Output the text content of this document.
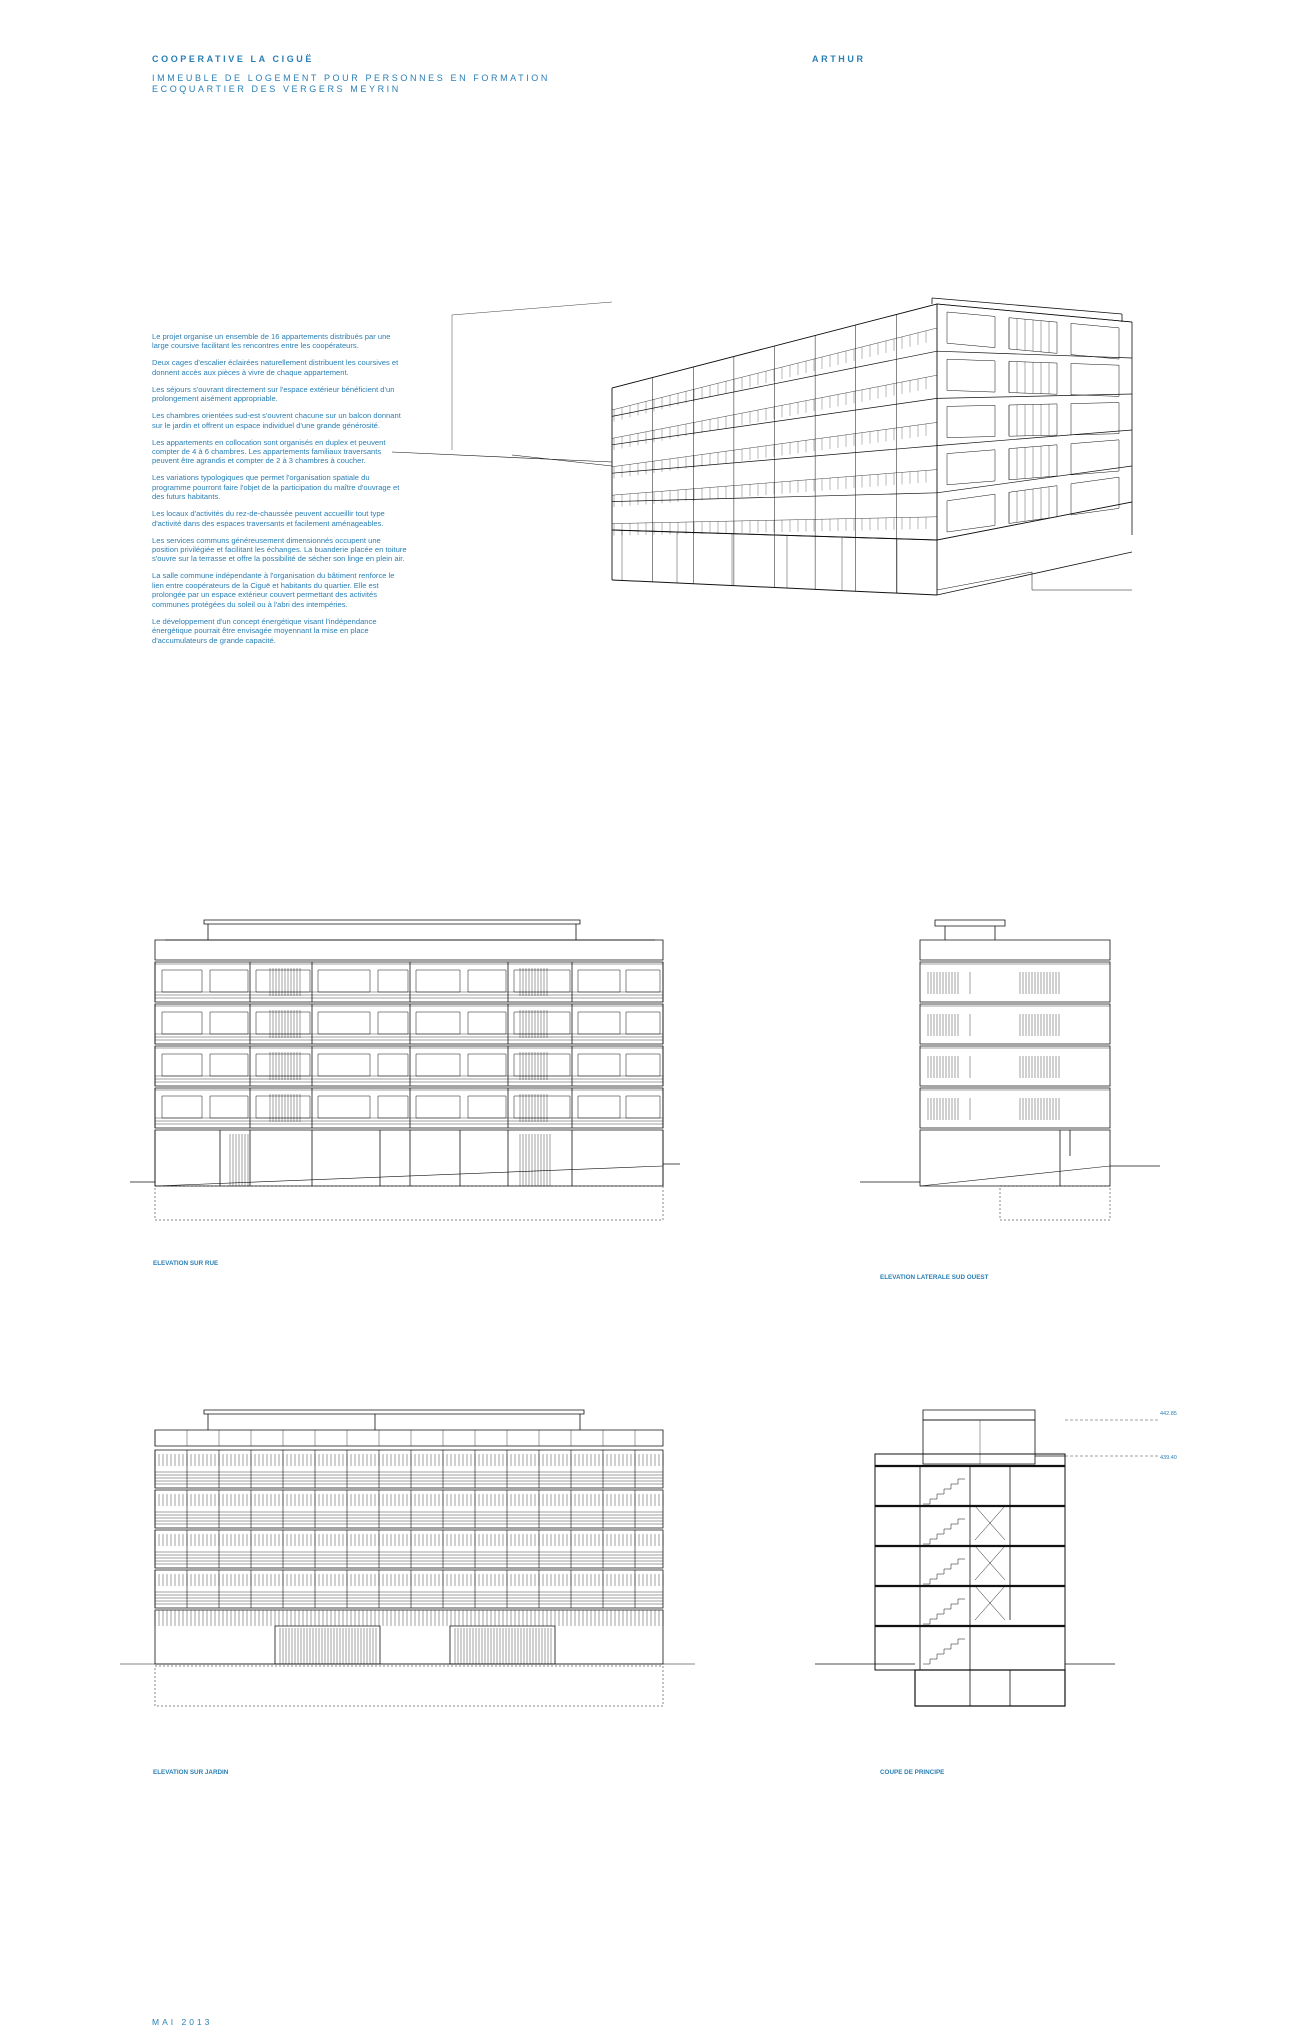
COOPERATIVE LA CIGUË
IMMEUBLE DE LOGEMENT POUR PERSONNES EN FORMATION
ECOQUARTIER DES VERGERS MEYRIN
ARTHUR

Le projet organise un ensemble de 16 appartements distribués par une large coursive facilitant les rencontres entre les coopérateurs.

Deux cages d'escalier éclairées naturellement distribuent les coursives et donnent accès aux pièces à vivre de chaque appartement.

Les séjours s'ouvrant directement sur l'espace extérieur bénéficient d'un prolongement aisément appropriable.

Les chambres orientées sud-est s'ouvrent chacune sur un balcon donnant sur le jardin et offrent un espace individuel d'une grande générosité.

Les appartements en collocation sont organisés en duplex et peuvent compter de 4 à 6 chambres. Les appartements familiaux traversants peuvent être agrandis et compter de 2 à 3 chambres à coucher.

Les variations typologiques que permet l'organisation spatiale du programme pourront faire l'objet de la participation du maître d'ouvrage et des futurs habitants.

Les locaux d'activités du rez-de-chaussée peuvent accueillir tout type d'activité dans des espaces traversants et facilement aménageables.

Les services communs généreusement dimensionnés occupent une position privilégiée et facilitant les échanges. La buanderie placée en toiture s'ouvre sur la terrasse et offre la possibilité de sécher son linge en plein air.

La salle commune indépendante à l'organisation du bâtiment renforce le lien entre coopérateurs de la Ciguë et habitants du quartier. Elle est prolongée par un espace extérieur couvert permettant des activités communes protégées du soleil ou à l'abri des intempéries.

Le développement d'un concept énergétique visant l'indépendance énergétique pourrait être envisagée moyennant la mise en place d'accumulateurs de grande capacité.

ELEVATION SUR RUE
ELEVATION LATERALE SUD OUEST
ELEVATION SUR JARDIN
442.85
439.40
COUPE DE PRINCIPE
MAI 2013
